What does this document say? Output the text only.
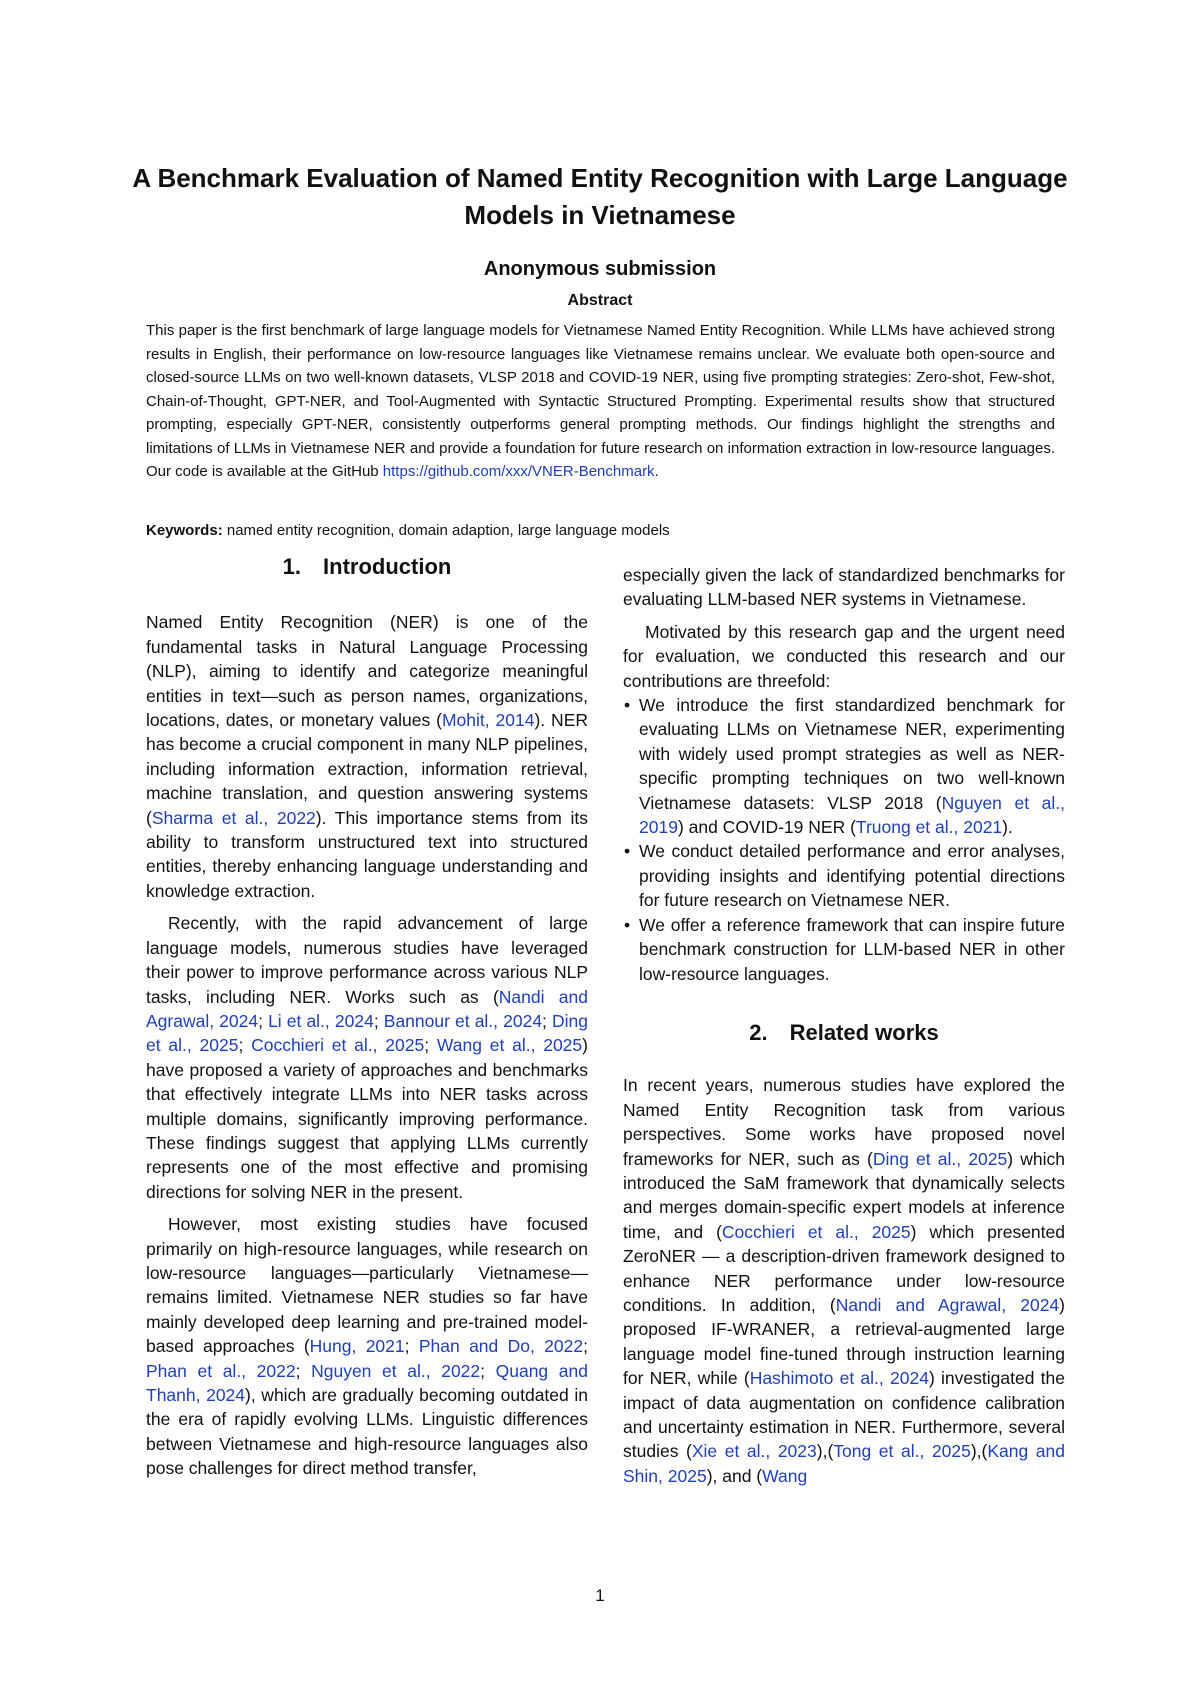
A Benchmark Evaluation of Named Entity Recognition with Large Language Models in Vietnamese

Anonymous submission

Abstract

This paper is the first benchmark of large language models for Vietnamese Named Entity Recognition. While LLMs have achieved strong results in English, their performance on low-resource languages like Vietnamese remains unclear. We evaluate both open-source and closed-source LLMs on two well-known datasets, VLSP 2018 and COVID-19 NER, using five prompting strategies: Zero-shot, Few-shot, Chain-of-Thought, GPT-NER, and Tool-Augmented with Syntactic Structured Prompting. Experimental results show that structured prompting, especially GPT-NER, consistently outperforms general prompting methods. Our findings highlight the strengths and limitations of LLMs in Vietnamese NER and provide a foundation for future research on information extraction in low-resource languages. Our code is available at the GitHub https://github.com/xxx/VNER-Benchmark.

Keywords: named entity recognition, domain adaption, large language models

1. Introduction

Named Entity Recognition (NER) is one of the fundamental tasks in Natural Language Processing (NLP), aiming to identify and categorize meaningful entities in text—such as person names, organizations, locations, dates, or monetary values (Mohit, 2014). NER has become a crucial component in many NLP pipelines, including information extraction, information retrieval, machine translation, and question answering systems (Sharma et al., 2022). This importance stems from its ability to transform unstructured text into structured entities, thereby enhancing language understanding and knowledge extraction.

Recently, with the rapid advancement of large language models, numerous studies have leveraged their power to improve performance across various NLP tasks, including NER. Works such as (Nandi and Agrawal, 2024; Li et al., 2024; Bannour et al., 2024; Ding et al., 2025; Cocchieri et al., 2025; Wang et al., 2025) have proposed a variety of approaches and benchmarks that effectively integrate LLMs into NER tasks across multiple domains, significantly improving performance. These findings suggest that applying LLMs currently represents one of the most effective and promising directions for solving NER in the present.

However, most existing studies have focused primarily on high-resource languages, while research on low-resource languages—particularly Vietnamese—remains limited. Vietnamese NER studies so far have mainly developed deep learning and pre-trained model-based approaches (Hung, 2021; Phan and Do, 2022; Phan et al., 2022; Nguyen et al., 2022; Quang and Thanh, 2024), which are gradually becoming outdated in the era of rapidly evolving LLMs. Linguistic differences between Vietnamese and high-resource languages also pose challenges for direct method transfer,

especially given the lack of standardized benchmarks for evaluating LLM-based NER systems in Vietnamese.

Motivated by this research gap and the urgent need for evaluation, we conducted this research and our contributions are threefold:

• We introduce the first standardized benchmark for evaluating LLMs on Vietnamese NER, experimenting with widely used prompt strategies as well as NER-specific prompting techniques on two well-known Vietnamese datasets: VLSP 2018 (Nguyen et al., 2019) and COVID-19 NER (Truong et al., 2021).
• We conduct detailed performance and error analyses, providing insights and identifying potential directions for future research on Vietnamese NER.
• We offer a reference framework that can inspire future benchmark construction for LLM-based NER in other low-resource languages.
2. Related works

In recent years, numerous studies have explored the Named Entity Recognition task from various perspectives. Some works have proposed novel frameworks for NER, such as (Ding et al., 2025) which introduced the SaM framework that dynamically selects and merges domain-specific expert models at inference time, and (Cocchieri et al., 2025) which presented ZeroNER — a description-driven framework designed to enhance NER performance under low-resource conditions. In addition, (Nandi and Agrawal, 2024) proposed IF-WRANER, a retrieval-augmented large language model fine-tuned through instruction learning for NER, while (Hashimoto et al., 2024) investigated the impact of data augmentation on confidence calibration and uncertainty estimation in NER. Furthermore, several studies (Xie et al., 2023),(Tong et al., 2025),(Kang and Shin, 2025), and (Wang

1
